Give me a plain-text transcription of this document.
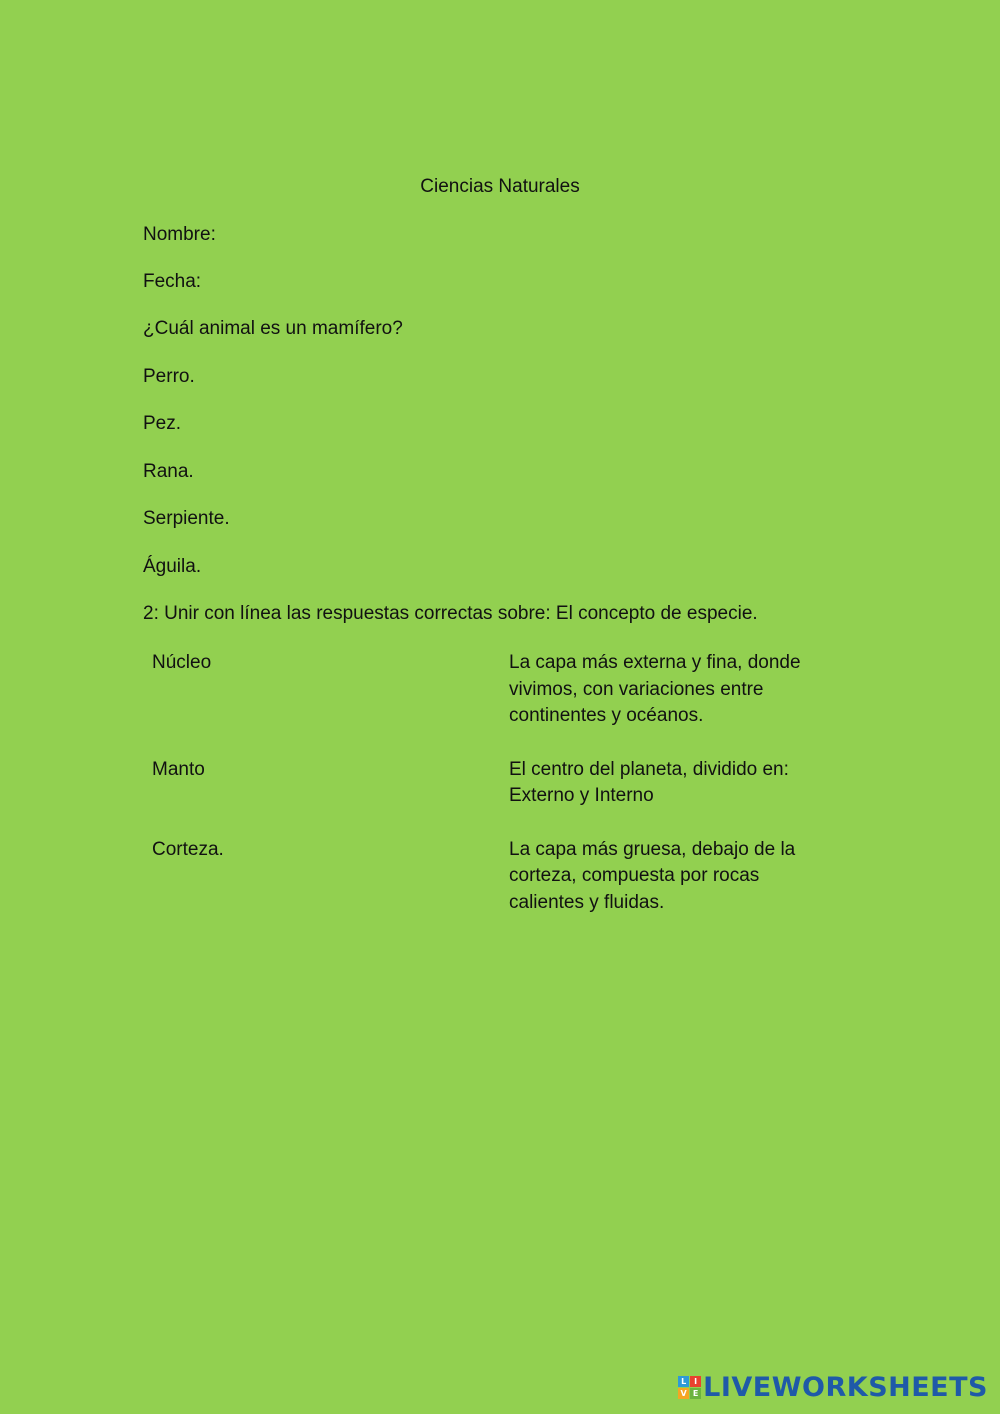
Ciencias Naturales
Nombre:
Fecha:
¿Cuál animal es un mamífero?
Perro.
Pez.
Rana.
Serpiente.
Águila.
2: Unir con línea las respuestas correctas sobre: El concepto de especie.
Núcleo	La capa más externa y fina, donde vivimos, con variaciones entre continentes y océanos.
Manto	El centro del planeta, dividido en: Externo y Interno
Corteza.	La capa más gruesa, debajo de la corteza, compuesta por rocas calientes y fluidas.
L I
V E LIVEWORKSHEETS
